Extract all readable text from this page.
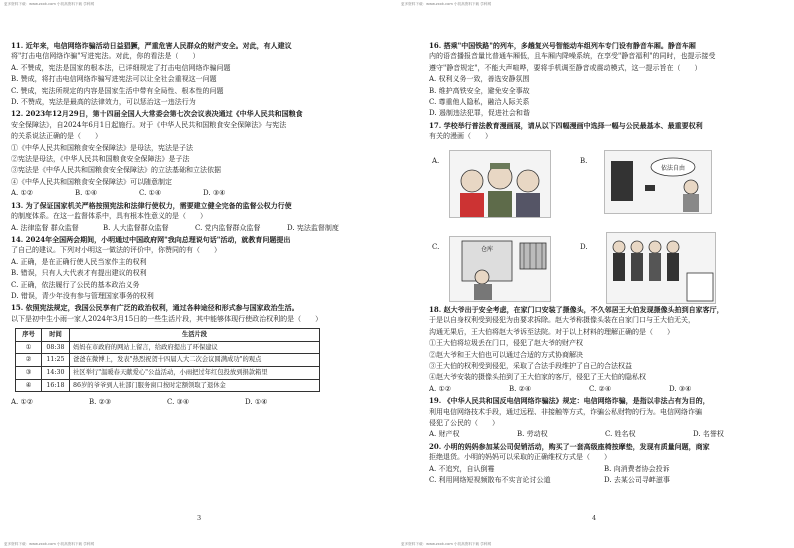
更多资料下载：www.zxxk.com 小初高资料下载 学科网	更多资料下载：www.zxxk.com 小初高资料下载 学科网

11. 近年来，电信网络诈骗活动日益猖獗，严重危害人民群众的财产安全。对此，有人建议

将"打击电信网络诈骗"写进宪法。对此，你的看法是（　　）

A. 不赞成，宪法是国家的根本法，已详细规定了打击电信网络诈骗问题

B. 赞成，将打击电信网络诈骗写进宪法可以让全社会重视这一问题

C. 赞成，宪法所规定的内容是国家生活中带有全局性、根本性的问题

D. 不赞成，宪法是最高的法律效力，可以惩治这一违法行为

12. 2023年12月29日，第十四届全国人大常委会第七次会议表决通过《中华人民共和国粮食

安全保障法》，自2024年6月1日起施行。对于《中华人民共和国粮食安全保障法》与宪法

的关系说法正确的是（　　）

①《中华人民共和国粮食安全保障法》是母法，宪法是子法

②宪法是母法，《中华人民共和国粮食安全保障法》是子法

③宪法是《中华人民共和国粮食安全保障法》的立法基础和立法依据

④《中华人民共和国粮食安全保障法》可以随意制定

A. ①②	B. ①④	C. ①④	D. ③④

13. 为了保证国家机关严格按照宪法和法律行使权力，需要建立健全完备的监督公权力行使

的制度体系。在这一监督体系中，具有根本性意义的是（　　）

A. 法律监督 群众监督	B. 人大监督群众监督	C. 党内监督群众监督	D. 宪法监督制度

14. 2024年全国两会期间，小明通过中国政府网"我向总理说句话"活动，就教育问题提出

了自己的建议。下列对小明这一做法的评价中，你赞同的有（　　）

A. 正确，是在正确行使人民当家作主的权利

B. 错误，只有人大代表才有提出建议的权利

C. 正确，依法履行了公民的基本政治义务

D. 错误，青少年没有参与管理国家事务的权利

15. 依照宪法规定，我国公民享有广泛的政治权利，通过各种途径和形式参与国家政治生活。

以下是初中生小雨一家人2024年3月15日的一些生活片段，其中能够体现行使政治权利的是（　　）

序号	时间	生活片段
①	08:38	妈妈在市政府的网站上留言，给政府提出了环保建议
②	11:25	爸爸在微博上，发表"热烈祝贺十四届人大二次会议圆满成功"的观点
③	14:30	社区举行"温暖春天献爱心"公益活动，小雨把过年红包投放到捐款箱里
④	16:18	86岁的爷爷到人社部门服务窗口按时定额领取了退休金

A. ①②	B. ②③	C. ③④	D. ①④

3

16. 搭乘"中国铁路"的列车，多趟复兴号智能动车组列车专门设有静音车厢。静音车厢

内的语音播报音量比普通车厢低，且车厢内降噪系统，在享受"静音福利"的同时，也提示接受

遵守"静音规定"，不能大声喧哗，要将手机调至静音或震动模式，这一提示旨在（　　）

A. 权利义务一致，善选安静氛围

B. 维护高铁安全，避免安全事故

C. 尊重他人隐私，融洽人际关系

D. 遏制违法犯罪，促进社会和谐

17. 学校举行普法教育漫画展，请从以下四幅漫画中选择一幅与公民最基本、最重要权利

有关的漫画（　　）

A.	B.
依法自由
C.	仓库	D.

18. 赵大爷出于安全考虑，在家门口安装了摄像头，不久邻居王大伯发现摄像头拍到自家客厅，

于是以自身权利受到侵犯为由要求拆除。赵大爷称摄像头装在自家门口与王大伯无关，

沟通无果后，王大伯将赵大爷诉至法院。对于以上材料的理解正确的是（　　）

①王大伯将垃圾丢在门口，侵犯了赵大爷的财产权

②赵大爷和王大伯也可以通过合适的方式协商解决

③王大伯的权利受到侵犯，采取了合法手段维护了自己的合法权益

④赵大爷安装的摄像头拍到了王大伯家的客厅，侵犯了王大伯的隐私权

A. ①②	B. ②④	C. ②④	D. ③④

19. 《中华人民共和国反电信网络诈骗法》规定：电信网络诈骗，是指以非法占有为目的，

利用电信网络技术手段，通过远程、非接触等方式，诈骗公私财物的行为。电信网络诈骗

侵犯了公民的（　　）

A. 财产权	B. 劳动权	C. 姓名权	D. 名誉权

20. 小明的妈妈参加某公司促销活动，购买了一套高级座椅按摩垫，发现有质量问题，商家

拒绝退货。小明的妈妈可以采取的正确维权方式是（　　）

A. 不追究，自认倒霉	B. 向消费者协会投诉

C. 利用网络短视频散布不实言论讨公道	D. 去某公司寻衅滋事

4
更多资料下载：www.zxxk.com 小初高资料下载 学科网	更多资料下载：www.zxxk.com 小初高资料下载 学科网
